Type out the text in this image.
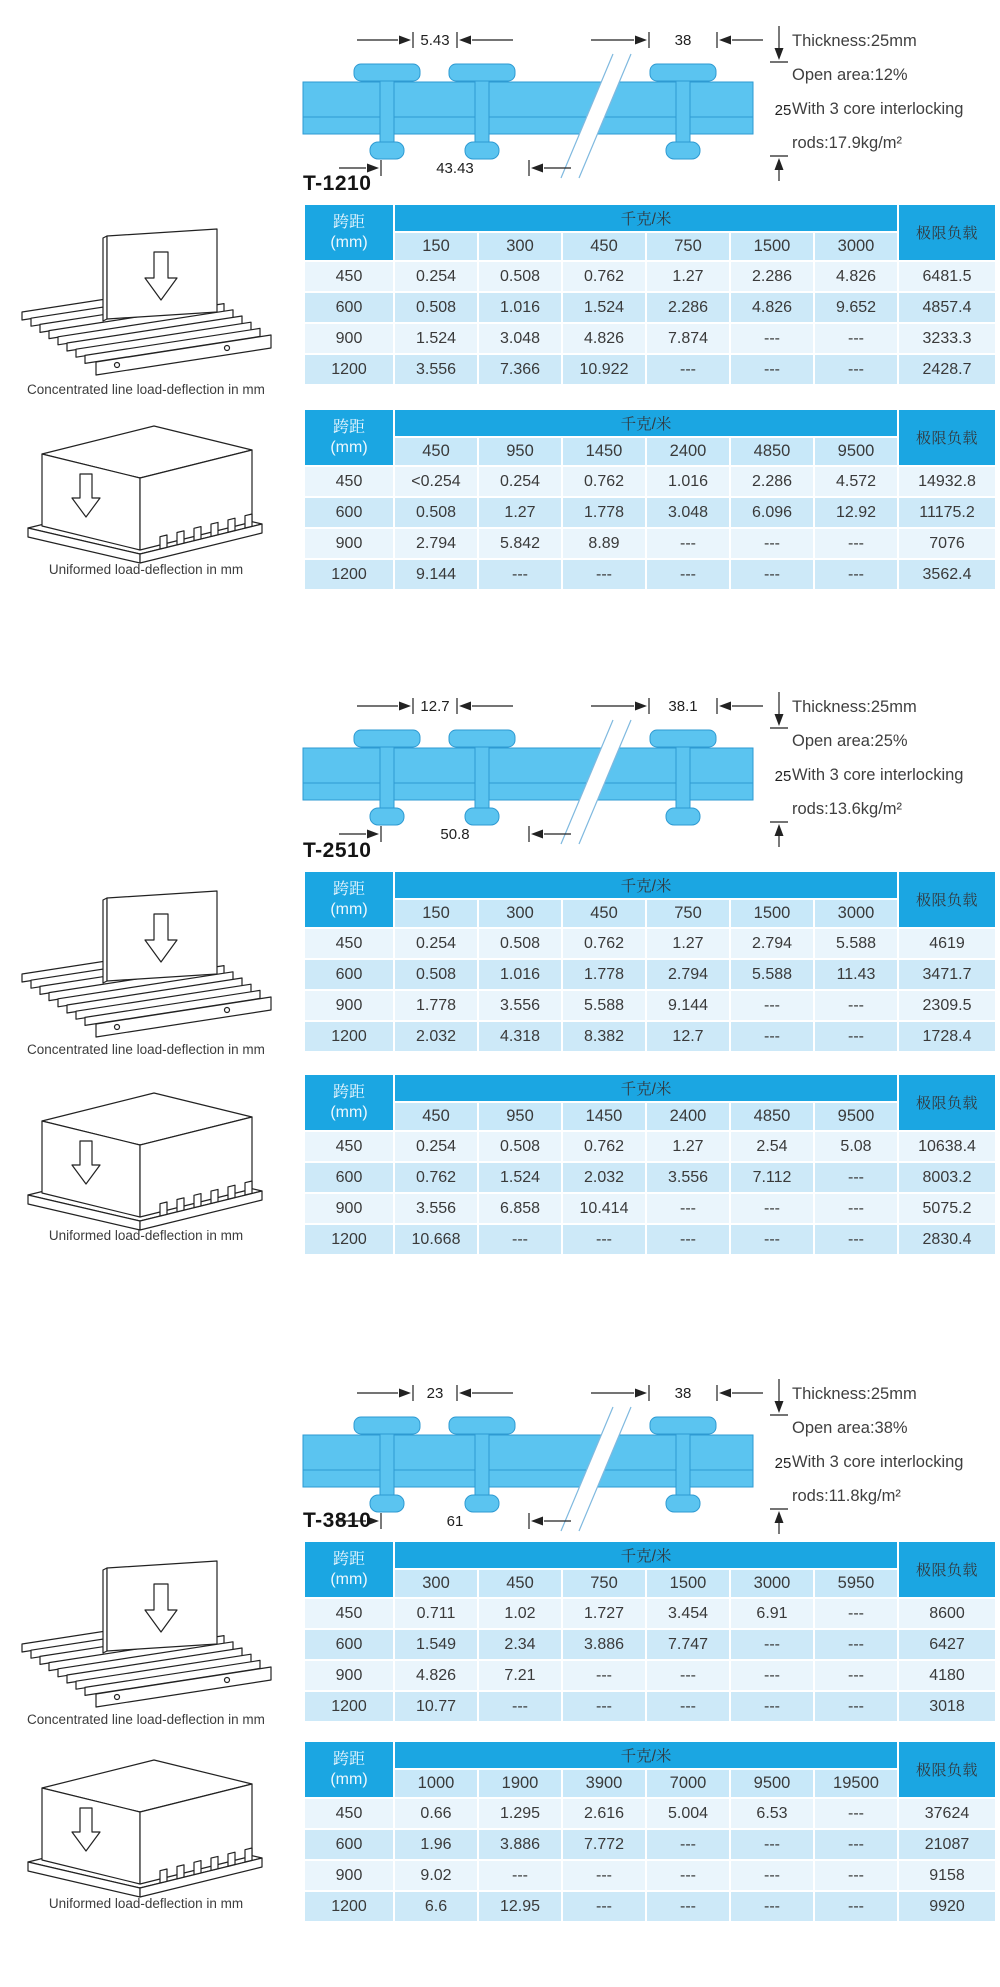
5.43	38
25
43.43
Thickness:25mm
Open area:12%
With 3 core interlocking
rods:17.9kg/m²
T-1210
Concentrated line load-deflection in mm
跨距
(mm)
千克/米
极限负载
150	300	450	750	1500	3000
450	0.254	0.508	0.762	1.27	2.286	4.826	6481.5
600	0.508	1.016	1.524	2.286	4.826	9.652	4857.4
900	1.524	3.048	4.826	7.874	---	---	3233.3
1200	3.556	7.366	10.922	---	---	---	2428.7
Uniformed load-deflection in mm
跨距
(mm)
千克/米
极限负载
450	950	1450	2400	4850	9500
450	<0.254	0.254	0.762	1.016	2.286	4.572	14932.8
600	0.508	1.27	1.778	3.048	6.096	12.92	11175.2
900	2.794	5.842	8.89	---	---	---	7076
1200	9.144	---	---	---	---	---	3562.4
12.7	38.1
25
50.8
Thickness:25mm
Open area:25%
With 3 core interlocking
rods:13.6kg/m²
T-2510
Concentrated line load-deflection in mm
跨距
(mm)
千克/米
极限负载
150	300	450	750	1500	3000
450	0.254	0.508	0.762	1.27	2.794	5.588	4619
600	0.508	1.016	1.778	2.794	5.588	11.43	3471.7
900	1.778	3.556	5.588	9.144	---	---	2309.5
1200	2.032	4.318	8.382	12.7	---	---	1728.4
Uniformed load-deflection in mm
跨距
(mm)
千克/米
极限负载
450	950	1450	2400	4850	9500
450	0.254	0.508	0.762	1.27	2.54	5.08	10638.4
600	0.762	1.524	2.032	3.556	7.112	---	8003.2
900	3.556	6.858	10.414	---	---	---	5075.2
1200	10.668	---	---	---	---	---	2830.4
23	38
25
61
Thickness:25mm
Open area:38%
With 3 core interlocking
rods:11.8kg/m²
T-3810
Concentrated line load-deflection in mm
跨距
(mm)
千克/米
极限负载
300	450	750	1500	3000	5950
450	0.711	1.02	1.727	3.454	6.91	---	8600
600	1.549	2.34	3.886	7.747	---	---	6427
900	4.826	7.21	---	---	---	---	4180
1200	10.77	---	---	---	---	---	3018
Uniformed load-deflection in mm
跨距
(mm)
千克/米
极限负载
1000	1900	3900	7000	9500	19500
450	0.66	1.295	2.616	5.004	6.53	---	37624
600	1.96	3.886	7.772	---	---	---	21087
900	9.02	---	---	---	---	---	9158
1200	6.6	12.95	---	---	---	---	9920
